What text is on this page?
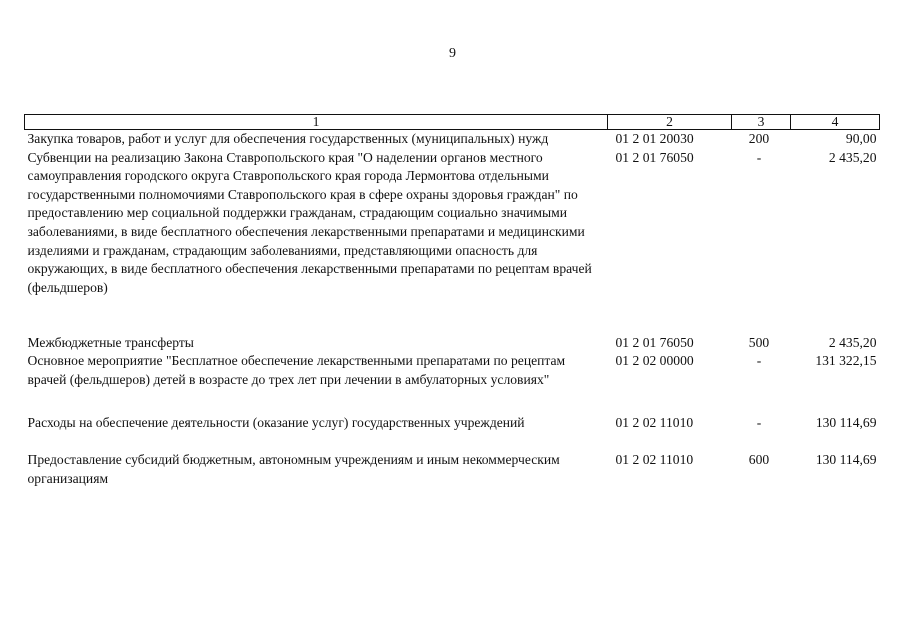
9
1	2	3	4
Закупка товаров, работ и услуг для обеспечения государственных (муниципальных) нужд	01 2 01 20030	200	90,00
Субвенции на реализацию Закона Ставропольского края "О наделении органов местного самоуправления городского округа Ставропольского края города Лермонтова отдельными государственными полномочиями Ставропольского края в сфере охраны здоровья граждан" по предоставлению мер социальной поддержки гражданам, страдающим социально значимыми заболеваниями, в виде бесплатного обеспечения лекарственными препаратами и медицинскими изделиями и гражданам, страдающим заболеваниями, представляющими опасность для окружающих, в виде бесплатного обеспечения лекарственными препаратами по рецептам врачей (фельдшеров)	01 2 01 76050	-	2 435,20
Межбюджетные трансферты	01 2 01 76050	500	2 435,20
Основное мероприятие "Бесплатное обеспечение лекарственными препаратами по рецептам врачей (фельдшеров) детей в возрасте до трех лет при лечении в амбулаторных условиях"	01 2 02 00000	-	131 322,15
Расходы на обеспечение деятельности (оказание услуг) государственных учреждений	01 2 02 11010	-	130 114,69
Предоставление субсидий бюджетным, автономным учреждениям и иным некоммерческим организациям	01 2 02 11010	600	130 114,69
